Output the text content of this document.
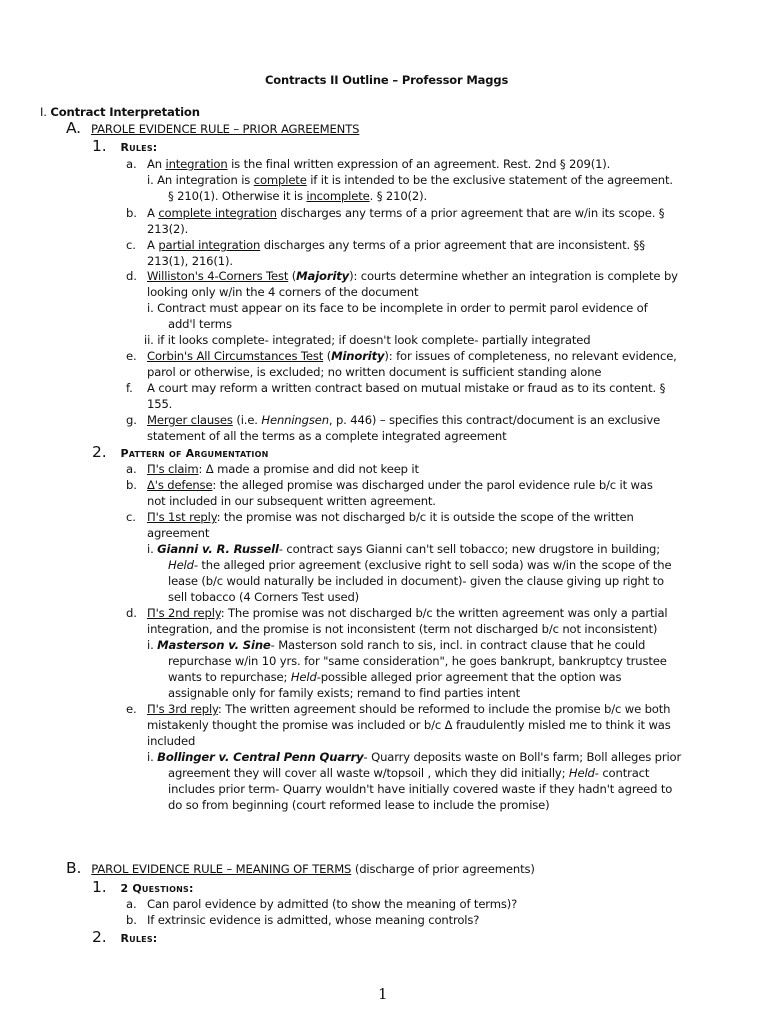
Contracts II Outline – Professor Maggs
I. Contract Interpretation
A. PAROLE EVIDENCE RULE – PRIOR AGREEMENTS
1. Rules:
a. An integration is the final written expression of an agreement. Rest. 2nd § 209(1).
i. An integration is complete if it is intended to be the exclusive statement of the agreement.
§ 210(1). Otherwise it is incomplete. § 210(2).
b. A complete integration discharges any terms of a prior agreement that are w/in its scope. §
213(2).
c. A partial integration discharges any terms of a prior agreement that are inconsistent. §§
213(1), 216(1).
d. Williston's 4-Corners Test (Majority): courts determine whether an integration is complete by
looking only w/in the 4 corners of the document
i. Contract must appear on its face to be incomplete in order to permit parol evidence of
add'l terms
ii. if it looks complete- integrated; if doesn't look complete- partially integrated
e. Corbin's All Circumstances Test (Minority): for issues of completeness, no relevant evidence,
parol or otherwise, is excluded; no written document is sufficient standing alone
f. A court may reform a written contract based on mutual mistake or fraud as to its content. §
155.
g. Merger clauses (i.e. Henningsen, p. 446) – specifies this contract/document is an exclusive
statement of all the terms as a complete integrated agreement
2. Pattern of Argumentation
a. Π's claim: Δ made a promise and did not keep it
b. Δ's defense: the alleged promise was discharged under the parol evidence rule b/c it was
not included in our subsequent written agreement.
c. Π's 1st reply: the promise was not discharged b/c it is outside the scope of the written
agreement
i. Gianni v. R. Russell- contract says Gianni can't sell tobacco; new drugstore in building;
Held- the alleged prior agreement (exclusive right to sell soda) was w/in the scope of the
lease (b/c would naturally be included in document)- given the clause giving up right to
sell tobacco (4 Corners Test used)
d. Π's 2nd reply: The promise was not discharged b/c the written agreement was only a partial
integration, and the promise is not inconsistent (term not discharged b/c not inconsistent)
i. Masterson v. Sine- Masterson sold ranch to sis, incl. in contract clause that he could
repurchase w/in 10 yrs. for "same consideration", he goes bankrupt, bankruptcy trustee
wants to repurchase; Held-possible alleged prior agreement that the option was
assignable only for family exists; remand to find parties intent
e. Π's 3rd reply: The written agreement should be reformed to include the promise b/c we both
mistakenly thought the promise was included or b/c Δ fraudulently misled me to think it was
included
i. Bollinger v. Central Penn Quarry- Quarry deposits waste on Boll's farm; Boll alleges prior
agreement they will cover all waste w/topsoil , which they did initially; Held- contract
includes prior term- Quarry wouldn't have initially covered waste if they hadn't agreed to
do so from beginning (court reformed lease to include the promise)
B. PAROL EVIDENCE RULE – MEANING OF TERMS (discharge of prior agreements)
1. 2 Questions:
a. Can parol evidence by admitted (to show the meaning of terms)?
b. If extrinsic evidence is admitted, whose meaning controls?
2. Rules:
1
